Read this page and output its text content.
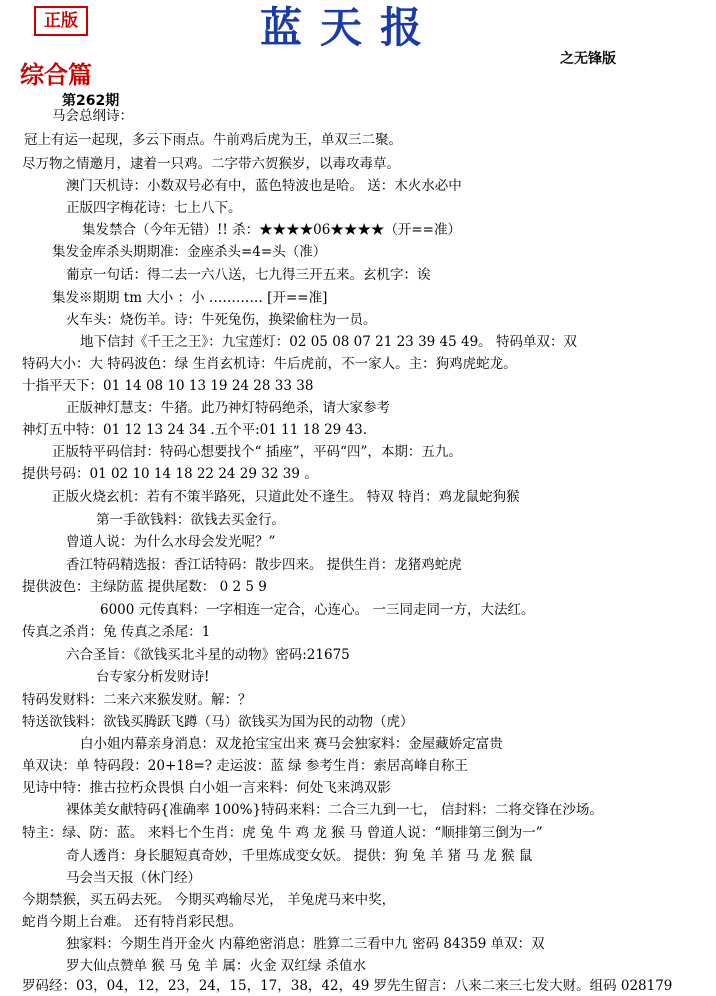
正版	蓝天报
之无锋版
综合篇
第262期
马会总纲诗：
冠上有运一起现，多云下雨点。牛前鸡后虎为王，单双三二聚。
尽万物之情邀月，逮着一只鸡。二字带六贺猴岁，以毒攻毒草。
澳门天机诗：小数双号必有中，蓝色特波也是哈。 送：木火水必中
正版四字梅花诗：七上八下。
集发禁合（今年无错）!! 杀：★★★★06★★★★（开==准）
集发金库杀头期期准：金座杀头=4=头（准）
葡京一句话：得二去一六八送，七九得三开五来。玄机字：诶
集发※期期 tm 大小 ：小 ………… [开==准]
火车头：烧伤羊。诗：牛死兔伤，换梁偷柱为一员。
地下信封《千王之王》：九宝莲灯：02 05 08 07 21 23 39 45 49。 特码单双：双
特码大小：大 特码波色：绿 生肖玄机诗：牛后虎前，不一家人。主：狗鸡虎蛇龙。
十指平天下：01 14 08 10 13 19 24 28 33 38
正版神灯慧支：牛猪。此乃神灯特码绝杀，请大家参考
神灯五中特：01 12 13 24 34 .五个平:01 11 18 29 43.
正版特平码信封：特码心想要找个“ 插座”，平码“四”，本期：五九。
提供号码：01 02 10 14 18 22 24 29 32 39 。
正版火烧玄机：若有不策半路死，只道此处不逢生。 特双 特肖：鸡龙鼠蛇狗猴
第一手欲钱料：欲钱去买金行。
曾道人说：为什么水母会发光呢？”
香江特码精选报：香江话特码：散步四来。 提供生肖：龙猪鸡蛇虎
提供波色：主绿防蓝 提供尾数： 0 2 5 9
6000 元传真料：一字相连一定合，心连心。 一三同走同一方，大法红。
传真之杀肖：兔 传真之杀尾：1
六合圣旨：《欲钱买北斗星的动物》密码:21675
台专家分析发财诗!
特码发财料：二来六来猴发财。解：？
特送欲钱料：欲钱买腾跃飞蹲（马）欲钱买为国为民的动物（虎）
白小姐内幕亲身消息：双龙抢宝宝出来 赛马会独家料：金屋藏娇定富贵
单双诀：单 特码段：20+18=? 走运波：蓝 绿 参考生肖：索居高峰自称王
见诗中特：推古拉朽众畏惧 白小姐一言来料：何处飞来鸿双影
裸体美女献特码{准确率 100%}特码来料：二合三九到一七， 信封料：二将交锋在沙场。
特主：绿、防：蓝。 来料七个生肖：虎 兔 牛 鸡 龙 猴 马 曾道人说：“顺排第三倒为一”
奇人透肖：身长腿短真奇妙，千里炼成变女妖。 提供：狗 兔 羊 猪 马 龙 猴 鼠
马会当天报（休门经）
今期禁猴，买五码去死。 今期买鸡输尽光， 羊兔虎马来中奖，
蛇肖今期上台难。 还有特肖彩民想。
独家料：今期生肖开金火 内幕绝密消息：胜算二三看中九 密码 84359 单双：双
罗大仙点赞单 猴 马 兔 羊 属：火金 双红绿 杀值水
罗码经：03，04，12，23，24，15，17，38，42，49 罗先生留言：八来二来三七发大财。组码 028179
